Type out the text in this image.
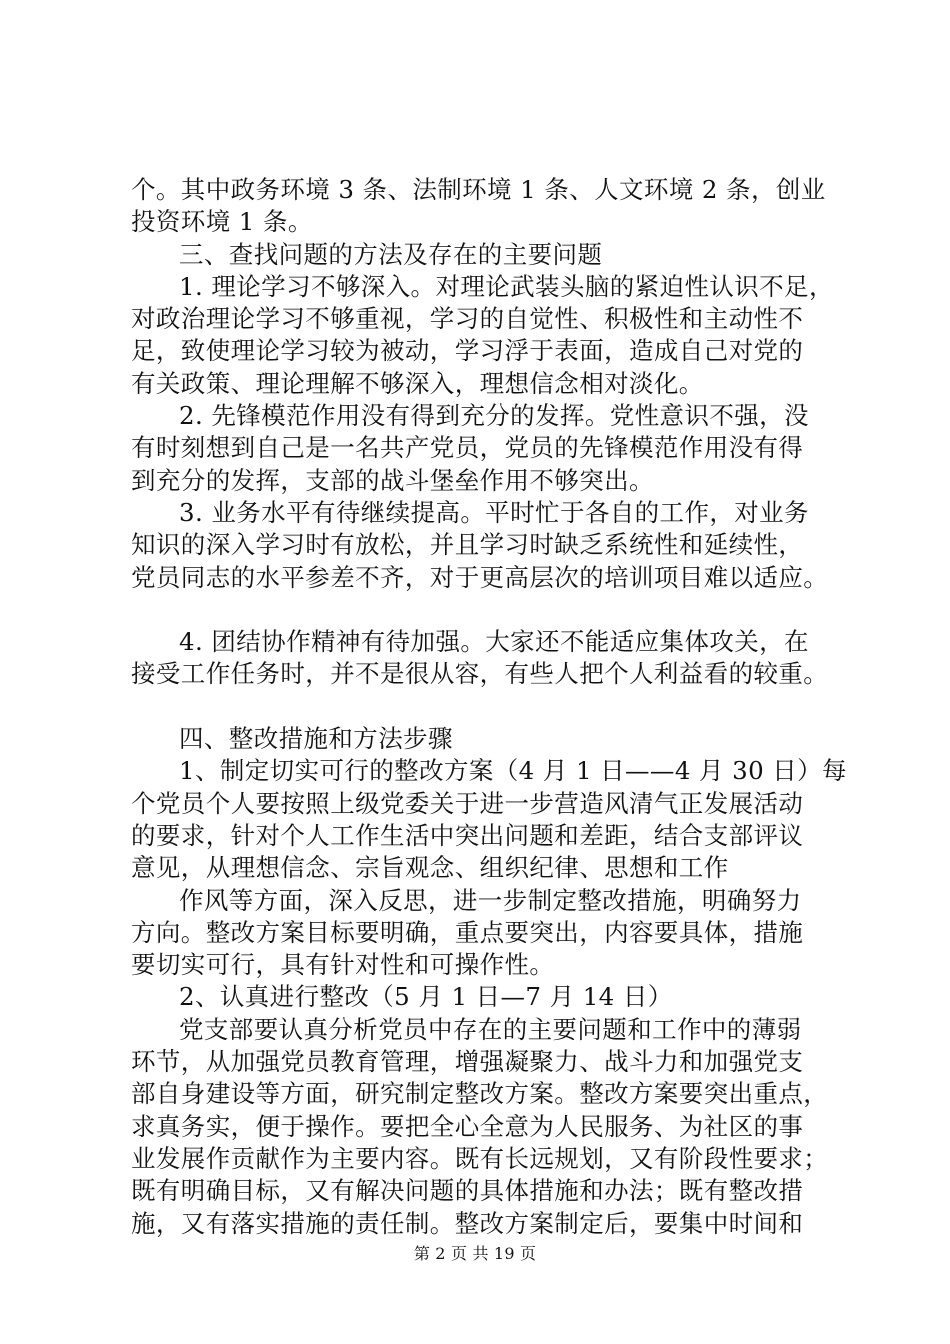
个。其中政务环境 3 条、法制环境 1 条、人文环境 2 条，创业
投资环境 1 条。
三、查找问题的方法及存在的主要问题
1. 理论学习不够深入。对理论武装头脑的紧迫性认识不足，
对政治理论学习不够重视，学习的自觉性、积极性和主动性不
足，致使理论学习较为被动，学习浮于表面，造成自己对党的
有关政策、理论理解不够深入，理想信念相对淡化。
2. 先锋模范作用没有得到充分的发挥。党性意识不强，没
有时刻想到自己是一名共产党员，党员的先锋模范作用没有得
到充分的发挥，支部的战斗堡垒作用不够突出。
3. 业务水平有待继续提高。平时忙于各自的工作，对业务
知识的深入学习时有放松，并且学习时缺乏系统性和延续性，
党员同志的水平参差不齐，对于更高层次的培训项目难以适应。
4. 团结协作精神有待加强。大家还不能适应集体攻关，在
接受工作任务时，并不是很从容，有些人把个人利益看的较重。
四、整改措施和方法步骤
1、制定切实可行的整改方案（4 月 1 日——4 月 30 日）每
个党员个人要按照上级党委关于进一步营造风清气正发展活动
的要求，针对个人工作生活中突出问题和差距，结合支部评议
意见，从理想信念、宗旨观念、组织纪律、思想和工作
作风等方面，深入反思，进一步制定整改措施，明确努力
方向。整改方案目标要明确，重点要突出，内容要具体，措施
要切实可行，具有针对性和可操作性。
2、认真进行整改（5 月 1 日—7 月 14 日）
党支部要认真分析党员中存在的主要问题和工作中的薄弱
环节，从加强党员教育管理，增强凝聚力、战斗力和加强党支
部自身建设等方面，研究制定整改方案。整改方案要突出重点，
求真务实，便于操作。要把全心全意为人民服务、为社区的事
业发展作贡献作为主要内容。既有长远规划，又有阶段性要求；
既有明确目标，又有解决问题的具体措施和办法；既有整改措
施，又有落实措施的责任制。整改方案制定后，要集中时间和
第 2 页 共 19 页
